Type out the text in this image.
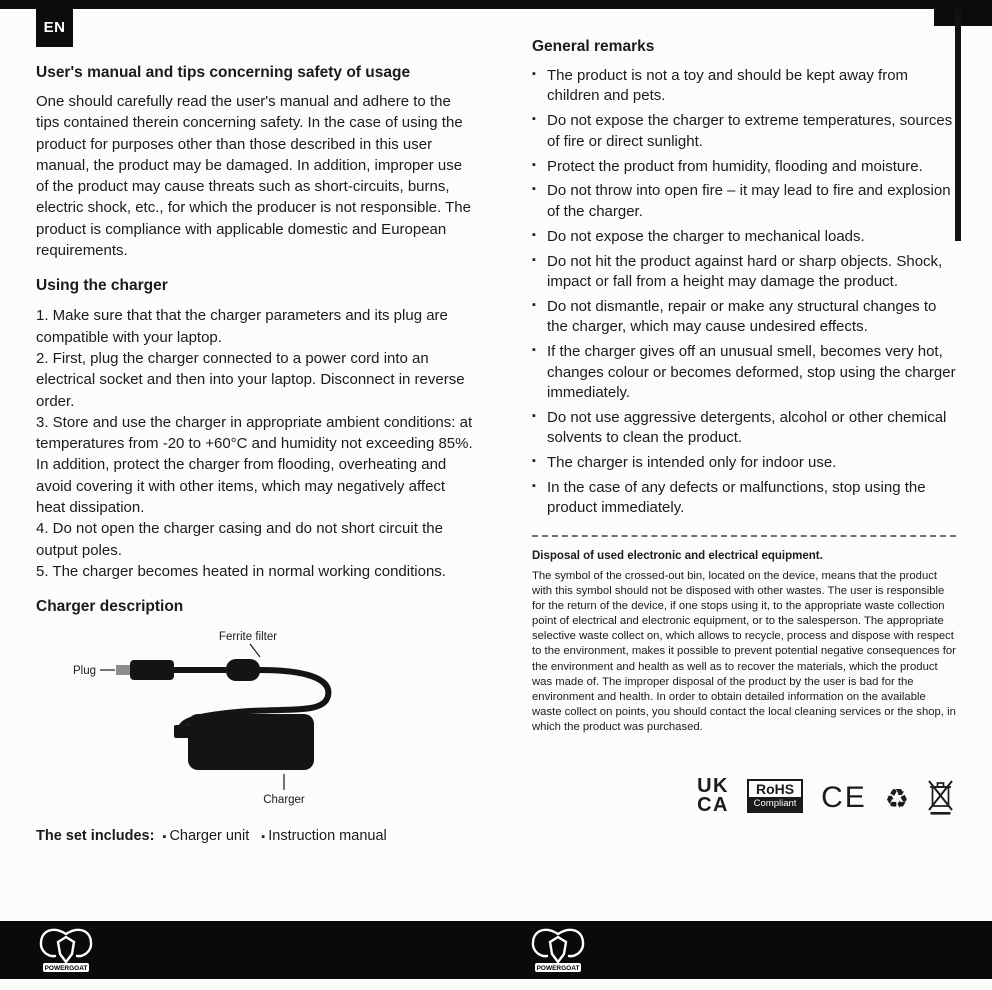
EN
User's manual and tips concerning safety of usage

One should carefully read the user's manual and adhere to the tips contained therein concerning safety. In the case of using the product for purposes other than those described in this user manual, the product may be damaged. In addition, improper use of the product may cause threats such as short-circuits, burns, electric shock, etc., for which the producer is not responsible. The product is compliance with applicable domestic and European requirements.

Using the charger

1. Make sure that that the charger parameters and its plug are compatible with your laptop.

2. First, plug the charger connected to a power cord into an electrical socket and then into your laptop. Disconnect in reverse order.

3. Store and use the charger in appropriate ambient conditions: at temperatures from -20 to +60°C and humidity not exceeding 85%. In addition, protect the charger from flooding, overheating and avoid covering it with other items, which may negatively affect heat dissipation.

4. Do not open the charger casing and do not short circuit the output poles.

5. The charger becomes heated in normal working conditions.

Charger description
Ferrite filter
Plug
Charger

The set includes: ▪ Charger unit ▪ Instruction manual

General remarks
▪ The product is not a toy and should be kept away from children and pets.
▪ Do not expose the charger to extreme temperatures, sources of fire or direct sunlight.
▪ Protect the product from humidity, flooding and moisture.
▪ Do not throw into open fire – it may lead to fire and explosion of the charger.
▪ Do not expose the charger to mechanical loads.
▪ Do not hit the product against hard or sharp objects. Shock, impact or fall from a height may damage the product.
▪ Do not dismantle, repair or make any structural changes to the charger, which may cause undesired effects.
▪ If the charger gives off an unusual smell, becomes very hot, changes colour or becomes deformed, stop using the charger immediately.
▪ Do not use aggressive detergents, alcohol or other chemical solvents to clean the product.
▪ The charger is intended only for indoor use.
▪ In the case of any defects or malfunctions, stop using the product immediately.
Disposal of used electronic and electrical equipment.

The symbol of the crossed-out bin, located on the device, means that the product with this symbol should not be disposed with other wastes. The user is responsible for the return of the device, if one stops using it, to the appropriate waste collection point of electrical and electronic equipment, or to the salesperson. The appropriate selective waste collect on, which allows to recycle, process and dispose with respect to the environment, makes it possible to prevent potential negative consequences for the environment and health as well as to recover the materials, which the product was made of. The improper disposal of the product by the user is bad for the environment and health. In order to obtain detailed information on the available waste collect on points, you should contact the local cleaning services or the shop, in which the product was purchased.

UK
CA
RoHS
Compliant CE ♻
POWERGOAT	POWERGOAT
